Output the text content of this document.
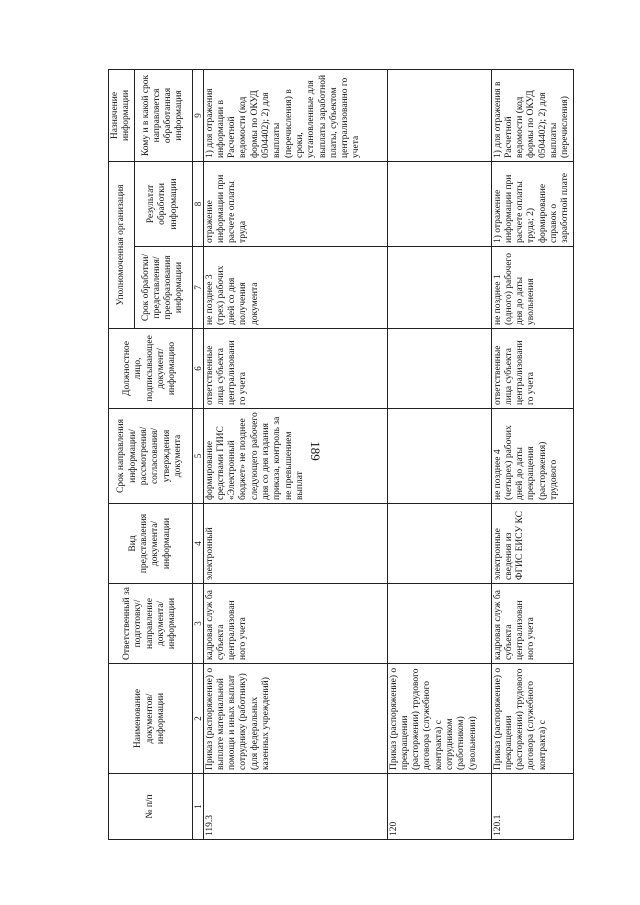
189
№ п/п	Наименование документов/ информации	Ответственный за подготовку/ направление документа/ информации	Вид представления документа/ информации	Срок направления информации/ рассмотрения/ согласования/ утверждения документа	Должностное лицо, подписывающее документ/ информацию	Уполномоченная организация		Назначение информации
						Срок обработки/ представления/ преобразования информации	Результат обработки информации	Кому и в какой срок направляется обработанная информация
1	2	3	4	5	6	7	8	9
119.3	Приказ (распоряжение) о выплате материальной помощи и иных выплат сотруднику (работнику) (для федеральных казенных учреждений)	кадровая служ ба субъекта централизован ного учета	электронный	формирование средствами ГИИС «Электронный бюджет» не позднее следующего рабочего дня со дня издания приказа, контроль за не превышением выплат	ответственные лица субъекта централизовани го учета	не позднее 3 (трех) рабочих дней со дня получения документа	отражение информации при расчете оплаты труда	1) для отражения информации в Расчетной ведомости (код формы по ОКУД 0504402); 2) для выплаты (перечисления) в сроки, установленные для выплаты заработной платы, субъектом централизованно го учета
120	Приказ (распоряжение) о прекращении (расторжении) трудового договора (служебного контракта) с сотрудником (работником) (увольнении)							
120.1	Приказ (распоряжение) о прекращении (расторжении) трудового договора (служебного контракта) с	кадровая служ ба субъекта централизован ного учета	электронные сведения из ФГИС ЕИСУ КС	не позднее 4 (четырех) рабочих дней до даты прекращения (расторжения) трудового	ответственные лица субъекта централизовани го учета	не позднее 1 (одного) рабочего дня до даты увольнения	1) отражение информации при расчете оплаты труда; 2) формирование справок о заработной плате	1) для отражения в Расчетной ведомости (код формы по ОКУД 0504402); 2) для выплаты (перечисления)
